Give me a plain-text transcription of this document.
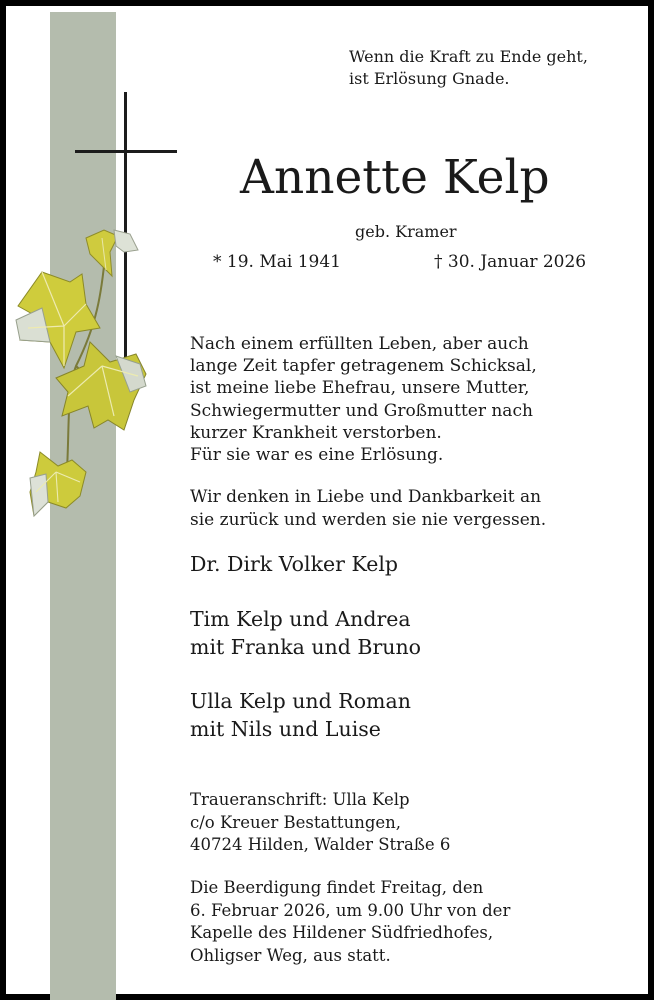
Wenn die Kraft zu Ende geht,
ist Erlösung Gnade.

Annette Kelp

geb. Kramer

* 19. Mai 1941	† 30. Januar 2026

Nach einem erfüllten Leben, aber auch
lange Zeit tapfer getragenem Schicksal,
ist meine liebe Ehefrau, unsere Mutter,
Schwiegermutter und Großmutter nach
kurzer Krankheit verstorben.
Für sie war es eine Erlösung.

Wir denken in Liebe und Dankbarkeit an
sie zurück und werden sie nie vergessen.

Dr. Dirk Volker Kelp

Tim Kelp und Andrea
mit Franka und Bruno

Ulla Kelp und Roman
mit Nils und Luise

Traueranschrift: Ulla Kelp
c/o Kreuer Bestattungen,
40724 Hilden, Walder Straße 6

Die Beerdigung findet Freitag, den
6. Februar 2026, um 9.00 Uhr von der
Kapelle des Hildener Südfriedhofes,
Ohligser Weg, aus statt.
